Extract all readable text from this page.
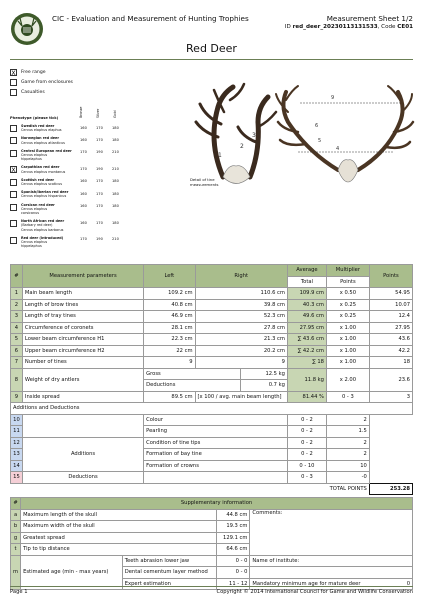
CIC - Evaluation and Measurement of Hunting Trophies	Measurement Sheet 1/2
ID red_deer_20230113131533, Code CE01
Red Deer
X Free range
Game from enclosures
Casualties
Phenotype (please tick)	Bronze	Silver	Gold
Swedish red deer
Cervus elaphus elaphus
160	170	180
Norwegian red deer
Cervus elaphus atlanticus
160	170	180
Central European red deer
Cervus elaphus
hippelaphus
170	190	210
X	Carpathian red deer
Cervus elaphus montanus
170	190	210
Scottish red deer
Cervus elaphus scoticus
160	170	180
Spanish/Iberian red deer
Cervus elaphus hispanicus
160	170	180
Corsican red deer
Cervus elaphus
corsicanus
160	170	180
North African red deer
(Barbary red deer)
Cervus elaphus barbarus
160	170	180
Red deer (introduced)
Cervus elaphus
hippelaphus
170	190	210
9
5
6
4
1
2
3
Detail of tine measurements
#	Measurement parameters	Left	Right		Average	Multiplier	Points
					Total	Points	
1	Main beam length	109.2 cm	110.6 cm		109.9 cm	x 0.50	54.95
2	Length of brow tines	40.8 cm	39.8 cm		40.3 cm	x 0.25	10.07
3	Length of tray tines	46.9 cm	52.3 cm		49.6 cm	x 0.25	12.4
4	Circumference of coronets	28.1 cm	27.8 cm		27.95 cm	x 1.00	27.95
5	Lower beam circumference H1	22.3 cm	21.3 cm		∑ 43.6 cm	x 1.00	43.6
6	Upper beam circumference H2	22 cm	20.2 cm		∑ 42.2 cm	x 1.00	42.2
7	Number of tines	9	9		∑ 18	x 1.00	18
8	Weight of dry antlers	Gross		12.5 kg	11.8 kg	x 2.00	23.6
		Deductions		0.7 kg			
9	Inside spread	89.5 cm	[x 100 / avg. main beam length]		81.44 %	0 - 3	3
Additions and Deductions							
10		Colour			0 - 2	2	
11		Pearling			0 - 2	1.5	
12	Additions	Condition of tine tips			0 - 2	2	
13		Formation of bay tine			0 - 2	2	
14		Formation of crowns			0 - 10	10	
15	Deductions				0 - 3	-0	
						TOTAL POINTS	253.28
#	Supplementary information			
a	Maximum length of the skull		44.8 cm	Comments:
b	Maximum width of the skull		19.3 cm	
g	Greatest spread		129.1 cm	
t	Tip to tip distance		64.6 cm	
m	Estimated age (min - max years)	Teeth abrasion lower jaw	0 - 0	Name of institute:
		Dental cementum layer method	0 - 0	
		Expert estimation	11 - 12	Mandatory minimum age for mature deer 0
Page 1	Copyright © 2014 International Council for Game and Wildlife Conservation
